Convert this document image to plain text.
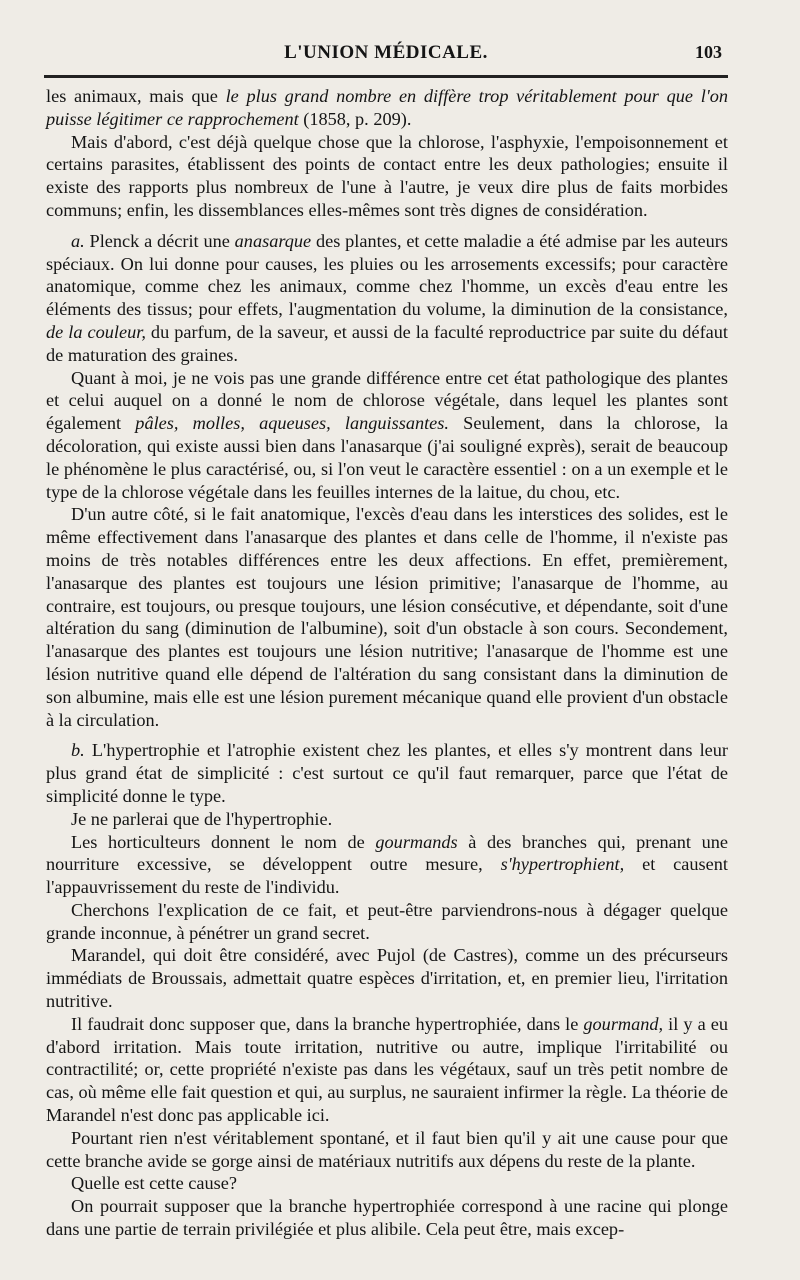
L'UNION MÉDICALE.	103

les animaux, mais que le plus grand nombre en diffère trop véritablement pour que l'on puisse légitimer ce rapprochement (1858, p. 209).

Mais d'abord, c'est déjà quelque chose que la chlorose, l'asphyxie, l'empoisonnement et certains parasites, établissent des points de contact entre les deux pathologies; ensuite il existe des rapports plus nombreux de l'une à l'autre, je veux dire plus de faits morbides communs; enfin, les dissemblances elles-mêmes sont très dignes de considération.

a. Plenck a décrit une anasarque des plantes, et cette maladie a été admise par les auteurs spéciaux. On lui donne pour causes, les pluies ou les arrosements excessifs; pour caractère anatomique, comme chez les animaux, comme chez l'homme, un excès d'eau entre les éléments des tissus; pour effets, l'augmentation du volume, la diminution de la consistance, de la couleur, du parfum, de la saveur, et aussi de la faculté reproductrice par suite du défaut de maturation des graines.

Quant à moi, je ne vois pas une grande différence entre cet état pathologique des plantes et celui auquel on a donné le nom de chlorose végétale, dans lequel les plantes sont également pâles, molles, aqueuses, languissantes. Seulement, dans la chlorose, la décoloration, qui existe aussi bien dans l'anasarque (j'ai souligné exprès), serait de beaucoup le phénomène le plus caractérisé, ou, si l'on veut le caractère essentiel : on a un exemple et le type de la chlorose végétale dans les feuilles internes de la laitue, du chou, etc.

D'un autre côté, si le fait anatomique, l'excès d'eau dans les interstices des solides, est le même effectivement dans l'anasarque des plantes et dans celle de l'homme, il n'existe pas moins de très notables différences entre les deux affections. En effet, premièrement, l'anasarque des plantes est toujours une lésion primitive; l'anasarque de l'homme, au contraire, est toujours, ou presque toujours, une lésion consécutive, et dépendante, soit d'une altération du sang (diminution de l'albumine), soit d'un obstacle à son cours. Secondement, l'anasarque des plantes est toujours une lésion nutritive; l'anasarque de l'homme est une lésion nutritive quand elle dépend de l'altération du sang consistant dans la diminution de son albumine, mais elle est une lésion purement mécanique quand elle provient d'un obstacle à la circulation.

b. L'hypertrophie et l'atrophie existent chez les plantes, et elles s'y montrent dans leur plus grand état de simplicité : c'est surtout ce qu'il faut remarquer, parce que l'état de simplicité donne le type.

Je ne parlerai que de l'hypertrophie.

Les horticulteurs donnent le nom de gourmands à des branches qui, prenant une nourriture excessive, se développent outre mesure, s'hypertrophient, et causent l'appauvrissement du reste de l'individu.

Cherchons l'explication de ce fait, et peut-être parviendrons-nous à dégager quelque grande inconnue, à pénétrer un grand secret.

Marandel, qui doit être considéré, avec Pujol (de Castres), comme un des précurseurs immédiats de Broussais, admettait quatre espèces d'irritation, et, en premier lieu, l'irritation nutritive.

Il faudrait donc supposer que, dans la branche hypertrophiée, dans le gourmand, il y a eu d'abord irritation. Mais toute irritation, nutritive ou autre, implique l'irritabilité ou contractilité; or, cette propriété n'existe pas dans les végétaux, sauf un très petit nombre de cas, où même elle fait question et qui, au surplus, ne sauraient infirmer la règle. La théorie de Marandel n'est donc pas applicable ici.

Pourtant rien n'est véritablement spontané, et il faut bien qu'il y ait une cause pour que cette branche avide se gorge ainsi de matériaux nutritifs aux dépens du reste de la plante.

Quelle est cette cause?

On pourrait supposer que la branche hypertrophiée correspond à une racine qui plonge dans une partie de terrain privilégiée et plus alibile. Cela peut être, mais excep-
